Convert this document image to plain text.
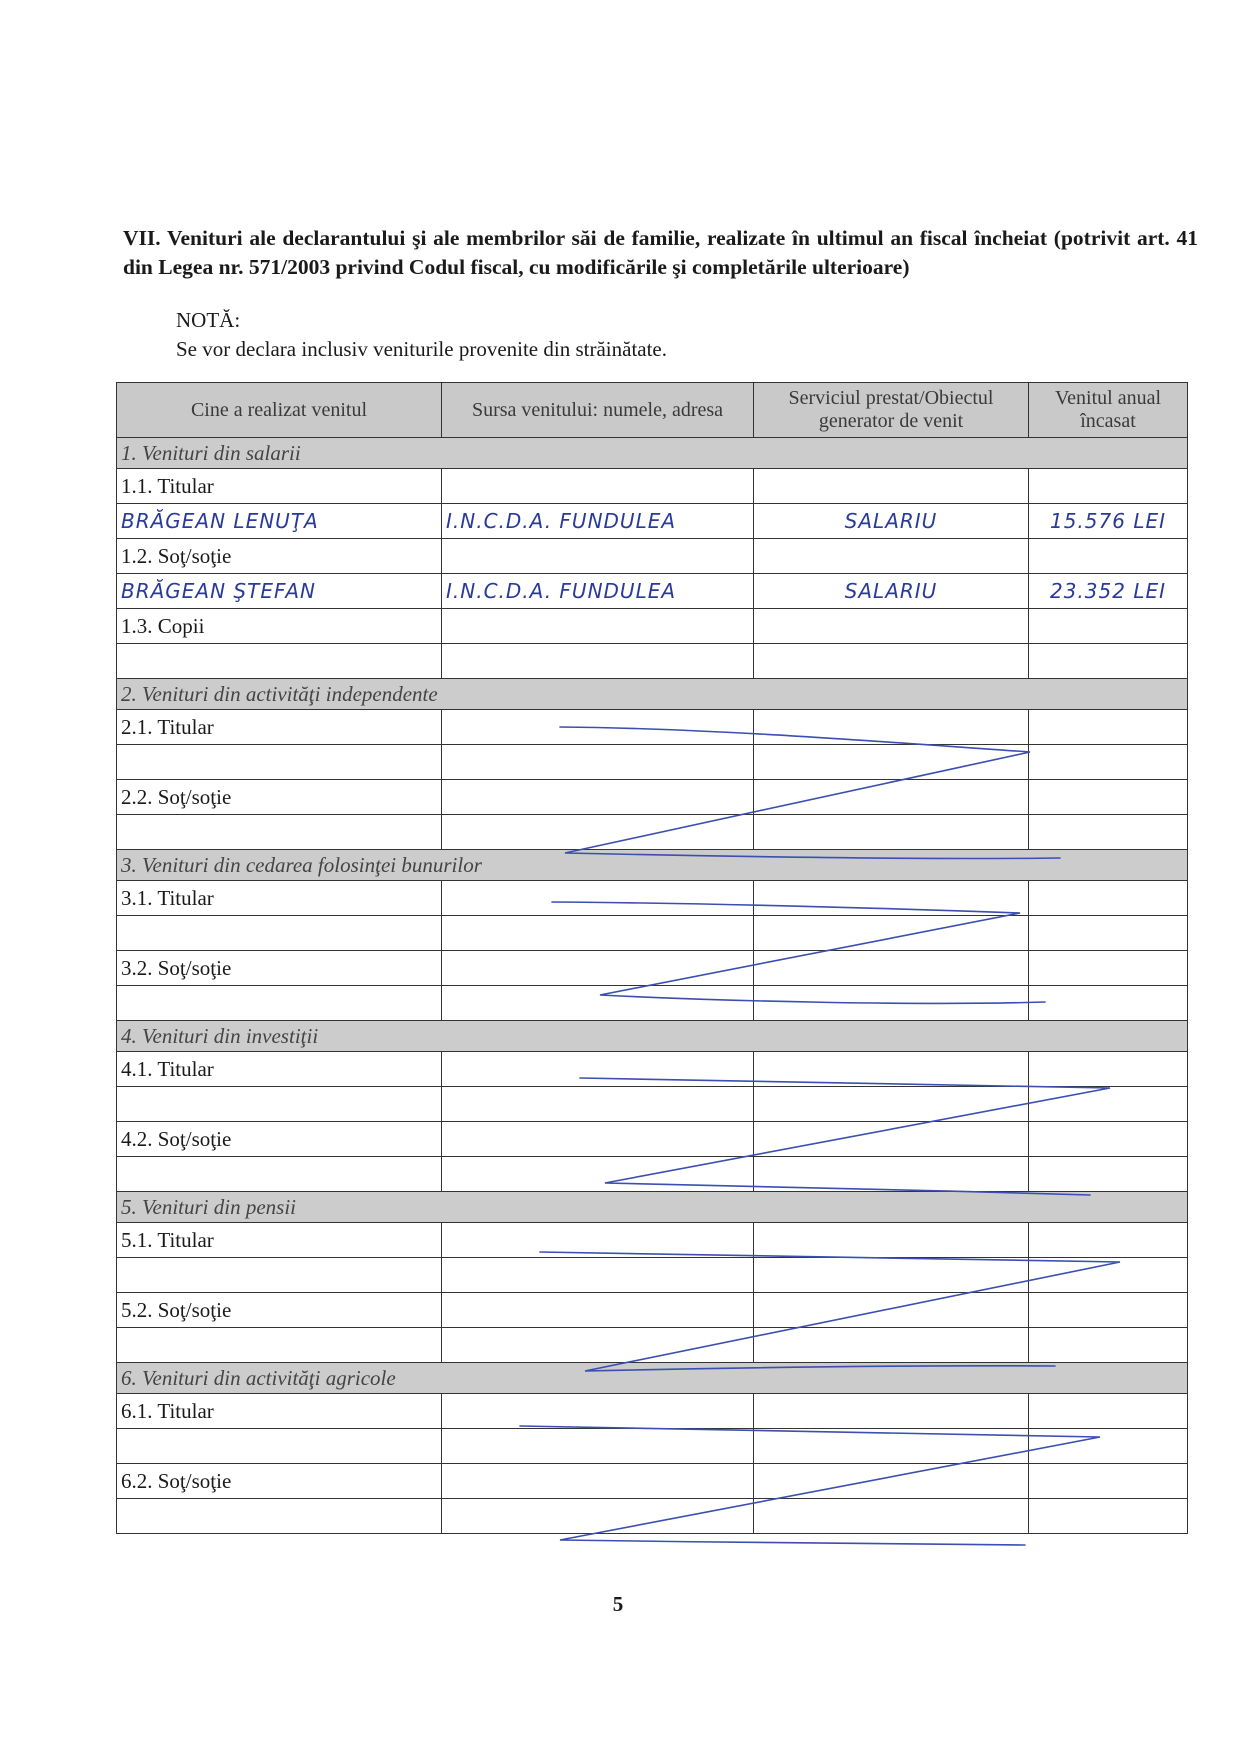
VII. Venituri ale declarantului şi ale membrilor săi de familie, realizate în ultimul an fiscal încheiat (potrivit art. 41 din Legea nr. 571/2003 privind Codul fiscal, cu modificările şi completările ulterioare)
NOTĂ:
Se vor declara inclusiv veniturile provenite din străinătate.
Cine a realizat venitul	Sursa venitului: numele, adresa	Serviciul prestat/Obiectul generator de venit	Venitul anual încasat
1. Venituri din salarii			
1.1. Titular			
BRĂGEAN LENUŢA	I.N.C.D.A. FUNDULEA	SALARIU	15.576 LEI
1.2. Soţ/soţie			
BRĂGEAN ŞTEFAN	I.N.C.D.A. FUNDULEA	SALARIU	23.352 LEI
1.3. Copii			

2. Venituri din activităţi independente			
2.1. Titular			

2.2. Soţ/soţie			

3. Venituri din cedarea folosinţei bunurilor			
3.1. Titular			

3.2. Soţ/soţie			

4. Venituri din investiţii			
4.1. Titular			

4.2. Soţ/soţie			

5. Venituri din pensii			
5.1. Titular			

5.2. Soţ/soţie			

6. Venituri din activităţi agricole			
6.1. Titular			

6.2. Soţ/soţie			

5
